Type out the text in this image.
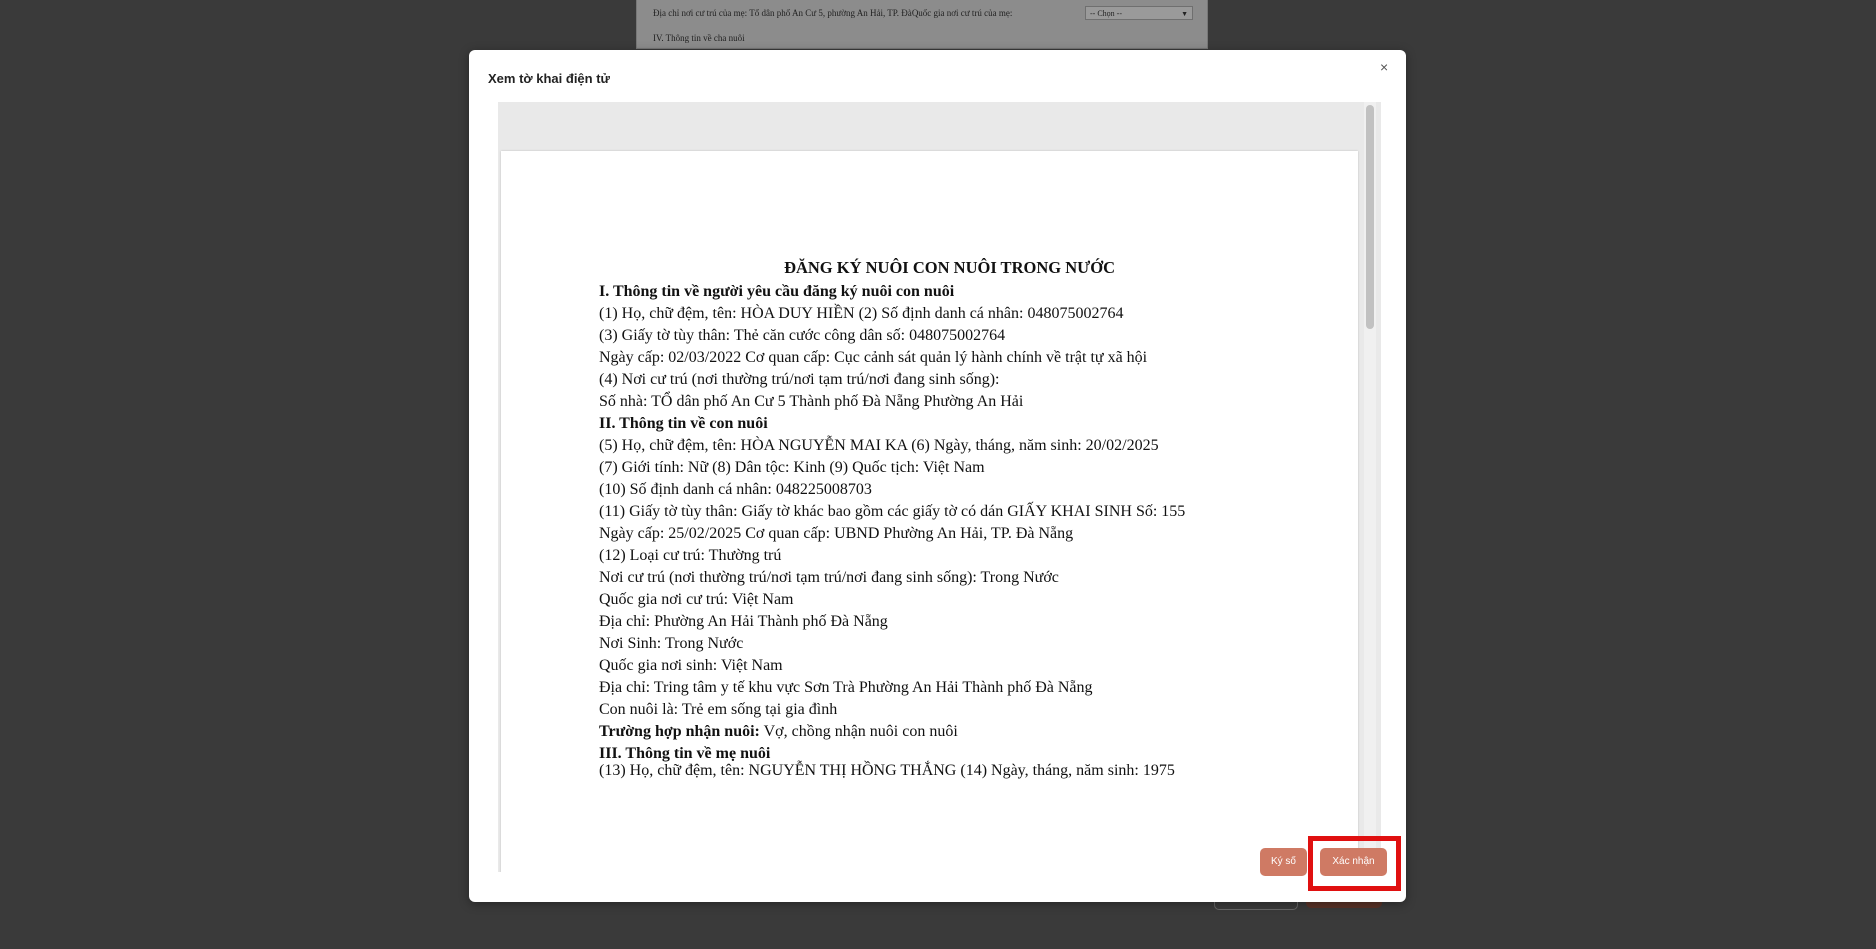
Địa chỉ nơi cư trú của mẹ: Tổ dân phố An Cư 5, phường An Hải, TP. ĐàQuốc gia nơi cư trú của mẹ:	-- Chọn --	▼
IV. Thông tin về cha nuôi
Xem tờ khai điện tử
×
ĐĂNG KÝ NUÔI CON NUÔI TRONG NƯỚC
I. Thông tin về người yêu cầu đăng ký nuôi con nuôi
(1) Họ, chữ đệm, tên: HÒA DUY HIỀN (2) Số định danh cá nhân: 048075002764
(3) Giấy tờ tùy thân: Thẻ căn cước công dân số: 048075002764
Ngày cấp: 02/03/2022 Cơ quan cấp: Cục cảnh sát quản lý hành chính về trật tự xã hội
(4) Nơi cư trú (nơi thường trú/nơi tạm trú/nơi đang sinh sống):
Số nhà: TỔ dân phố An Cư 5 Thành phố Đà Nẵng Phường An Hải
II. Thông tin về con nuôi
(5) Họ, chữ đệm, tên: HÒA NGUYỄN MAI KA (6) Ngày, tháng, năm sinh: 20/02/2025
(7) Giới tính: Nữ (8) Dân tộc: Kinh (9) Quốc tịch: Việt Nam
(10) Số định danh cá nhân: 048225008703
(11) Giấy tờ tùy thân: Giấy tờ khác bao gồm các giấy tờ có dán GIẤY KHAI SINH Số: 155
Ngày cấp: 25/02/2025 Cơ quan cấp: UBND Phường An Hải, TP. Đà Nẵng
(12) Loại cư trú: Thường trú
Nơi cư trú (nơi thường trú/nơi tạm trú/nơi đang sinh sống): Trong Nước
Quốc gia nơi cư trú: Việt Nam
Địa chỉ: Phường An Hải Thành phố Đà Nẵng
Nơi Sinh: Trong Nước
Quốc gia nơi sinh: Việt Nam
Địa chỉ: Tring tâm y tế khu vực Sơn Trà Phường An Hải Thành phố Đà Nẵng
Con nuôi là: Trẻ em sống tại gia đình
Trường hợp nhận nuôi: Vợ, chồng nhận nuôi con nuôi
III. Thông tin về mẹ nuôi
(13) Họ, chữ đệm, tên: NGUYỄN THỊ HỒNG THẮNG (14) Ngày, tháng, năm sinh: 1975
Ký số	Xác nhận
